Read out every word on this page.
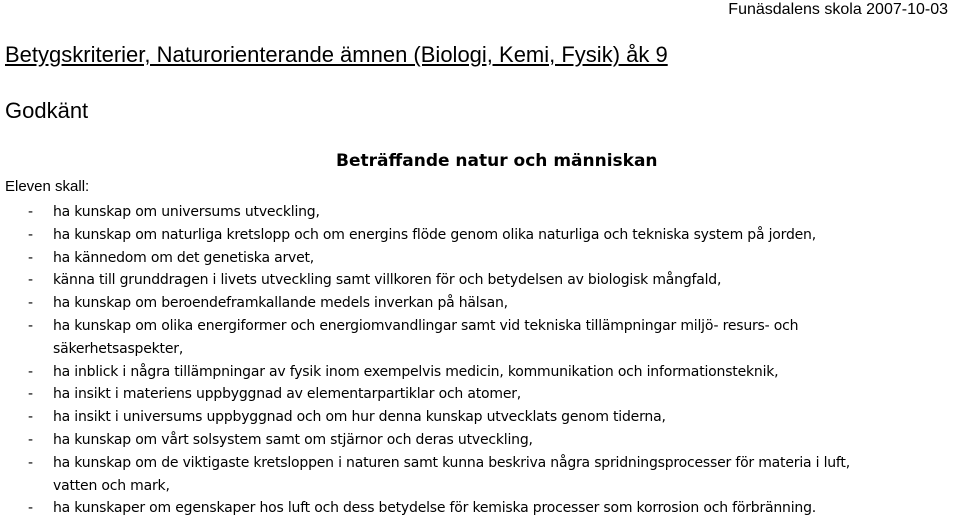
Funäsdalens skola 2007-10-03
Betygskriterier, Naturorienterande ämnen (Biologi, Kemi, Fysik) åk 9
Godkänt
Beträffande natur och människan
Eleven skall:
- ha kunskap om universums utveckling,
- ha kunskap om naturliga kretslopp och om energins flöde genom olika naturliga och tekniska system på jorden,
- ha kännedom om det genetiska arvet,
- känna till grunddragen i livets utveckling samt villkoren för och betydelsen av biologisk mångfald,
- ha kunskap om beroendeframkallande medels inverkan på hälsan,
- ha kunskap om olika energiformer och energiomvandlingar samt vid tekniska tillämpningar miljö- resurs- och
säkerhetsaspekter,
- ha inblick i några tillämpningar av fysik inom exempelvis medicin, kommunikation och informationsteknik,
- ha insikt i materiens uppbyggnad av elementarpartiklar och atomer,
- ha insikt i universums uppbyggnad och om hur denna kunskap utvecklats genom tiderna,
- ha kunskap om vårt solsystem samt om stjärnor och deras utveckling,
- ha kunskap om de viktigaste kretsloppen i naturen samt kunna beskriva några spridningsprocesser för materia i luft,
vatten och mark,
- ha kunskaper om egenskaper hos luft och dess betydelse för kemiska processer som korrosion och förbränning.
